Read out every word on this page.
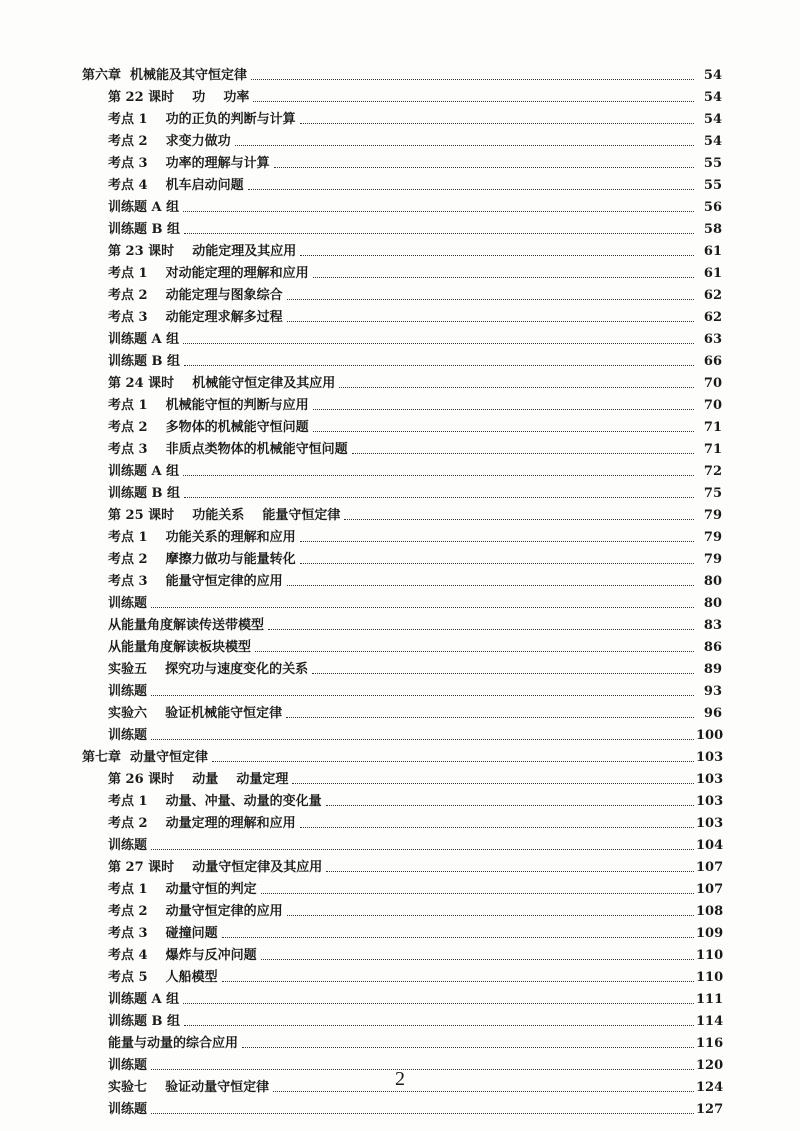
第六章  机械能及其守恒定律	54
第 22 课时    功    功率	54
考点 1    功的正负的判断与计算	54
考点 2    求变力做功	54
考点 3    功率的理解与计算	55
考点 4    机车启动问题	55
训练题 A 组	56
训练题 B 组	58
第 23 课时    动能定理及其应用	61
考点 1    对动能定理的理解和应用	61
考点 2    动能定理与图象综合	62
考点 3    动能定理求解多过程	62
训练题 A 组	63
训练题 B 组	66
第 24 课时    机械能守恒定律及其应用	70
考点 1    机械能守恒的判断与应用	70
考点 2    多物体的机械能守恒问题	71
考点 3    非质点类物体的机械能守恒问题	71
训练题 A 组	72
训练题 B 组	75
第 25 课时    功能关系    能量守恒定律	79
考点 1    功能关系的理解和应用	79
考点 2    摩擦力做功与能量转化	79
考点 3    能量守恒定律的应用	80
训练题	80
从能量角度解读传送带模型	83
从能量角度解读板块模型	86
实验五    探究功与速度变化的关系	89
训练题	93
实验六    验证机械能守恒定律	96
训练题	100
第七章  动量守恒定律	103
第 26 课时    动量    动量定理	103
考点 1    动量、冲量、动量的变化量	103
考点 2    动量定理的理解和应用	103
训练题	104
第 27 课时    动量守恒定律及其应用	107
考点 1    动量守恒的判定	107
考点 2    动量守恒定律的应用	108
考点 3    碰撞问题	109
考点 4    爆炸与反冲问题	110
考点 5    人船模型	110
训练题 A 组	111
训练题 B 组	114
能量与动量的综合应用	116
训练题	120
实验七    验证动量守恒定律	124
训练题	127
2
